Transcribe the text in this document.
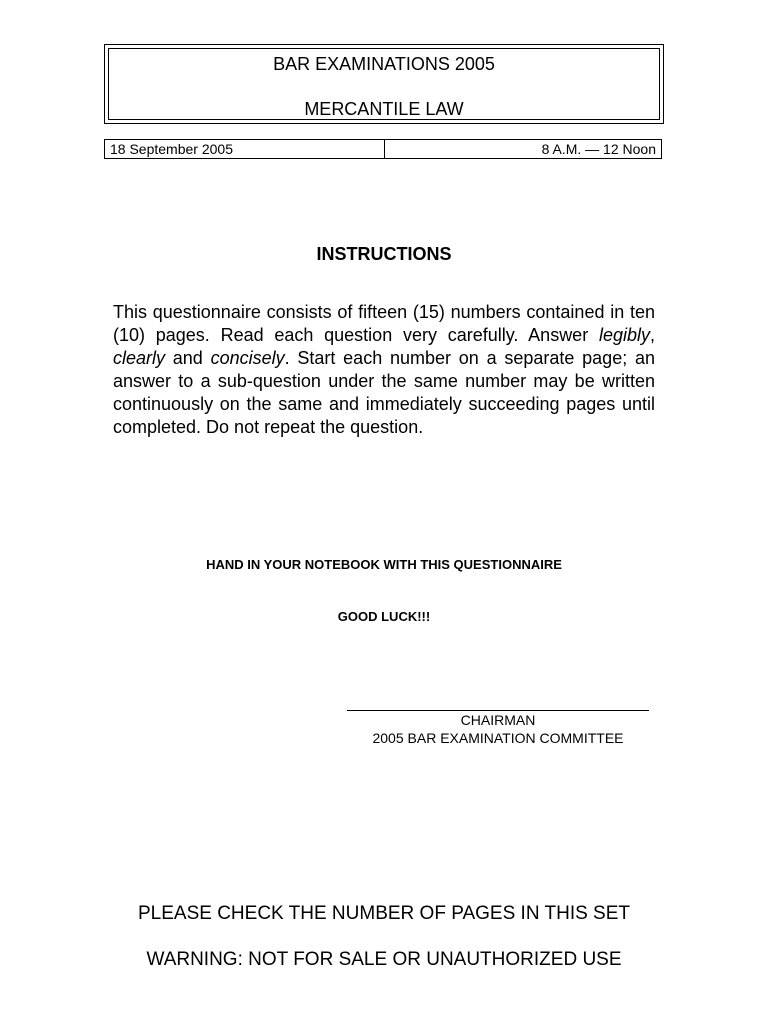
BAR EXAMINATIONS 2005
MERCANTILE LAW
18 September 2005	8 A.M. — 12 Noon
INSTRUCTIONS

This questionnaire consists of fifteen (15) numbers contained in ten (10) pages. Read each question very carefully. Answer legibly, clearly and concisely. Start each number on a separate page; an answer to a sub-question under the same number may be written continuously on the same and immediately succeeding pages until completed. Do not repeat the question.

HAND IN YOUR NOTEBOOK WITH THIS QUESTIONNAIRE
GOOD LUCK!!!
CHAIRMAN
2005 BAR EXAMINATION COMMITTEE
PLEASE CHECK THE NUMBER OF PAGES IN THIS SET
WARNING: NOT FOR SALE OR UNAUTHORIZED USE
